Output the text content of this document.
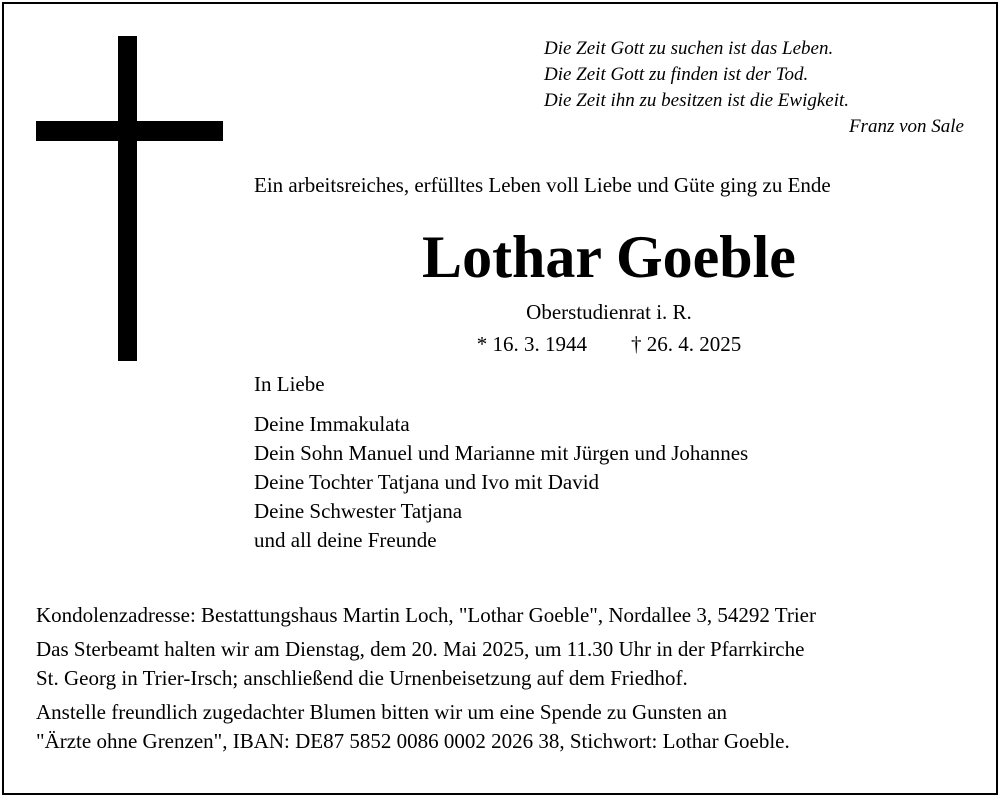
Die Zeit Gott zu suchen ist das Leben.
Die Zeit Gott zu finden ist der Tod.
Die Zeit ihn zu besitzen ist die Ewigkeit.
Franz von Sale
Ein arbeitsreiches, erfülltes Leben voll Liebe und Güte ging zu Ende
Lothar Goeble
Oberstudienrat i. R.
* 16. 3. 1944 † 26. 4. 2025
In Liebe
Deine Immakulata
Dein Sohn Manuel und Marianne mit Jürgen und Johannes
Deine Tochter Tatjana und Ivo mit David
Deine Schwester Tatjana
und all deine Freunde
Kondolenzadresse: Bestattungshaus Martin Loch, "Lothar Goeble", Nordallee 3, 54292 Trier
Das Sterbeamt halten wir am Dienstag, dem 20. Mai 2025, um 11.30 Uhr in der Pfarrkirche
St. Georg in Trier-Irsch; anschließend die Urnenbeisetzung auf dem Friedhof.
Anstelle freundlich zugedachter Blumen bitten wir um eine Spende zu Gunsten an
"Ärzte ohne Grenzen", IBAN: DE87 5852 0086 0002 2026 38, Stichwort: Lothar Goeble.
